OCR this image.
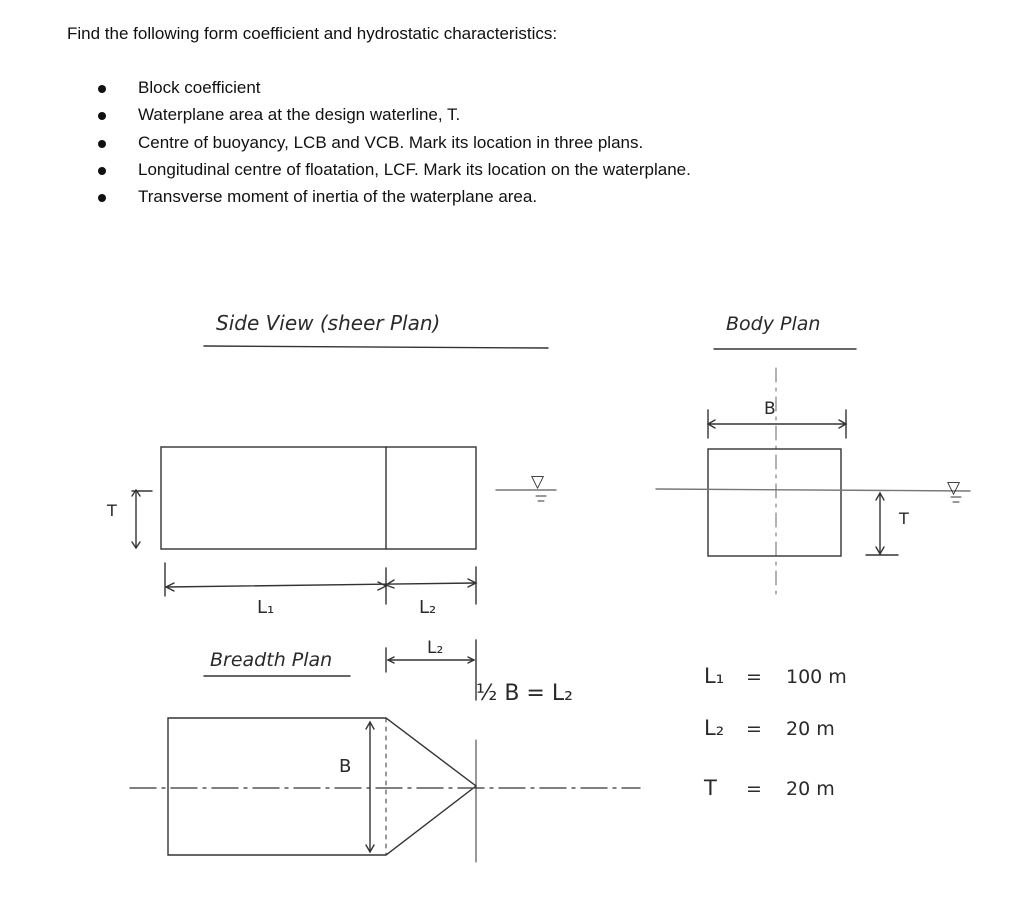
Find the following form coefficient and hydrostatic characteristics:
Block coefficient
Waterplane area at the design waterline, T.
Centre of buoyancy, LCB and VCB. Mark its location in three plans.
Longitudinal centre of floatation, LCF. Mark its location on the waterplane.
Transverse moment of inertia of the waterplane area.
Side View (sheer Plan)
T
▽
L₁	L₂
Breadth Plan
L₂
B
½ B = L₂
Body Plan
B
T
▽
L₁ = 100 m
L₂ = 20 m
T = 20 m
